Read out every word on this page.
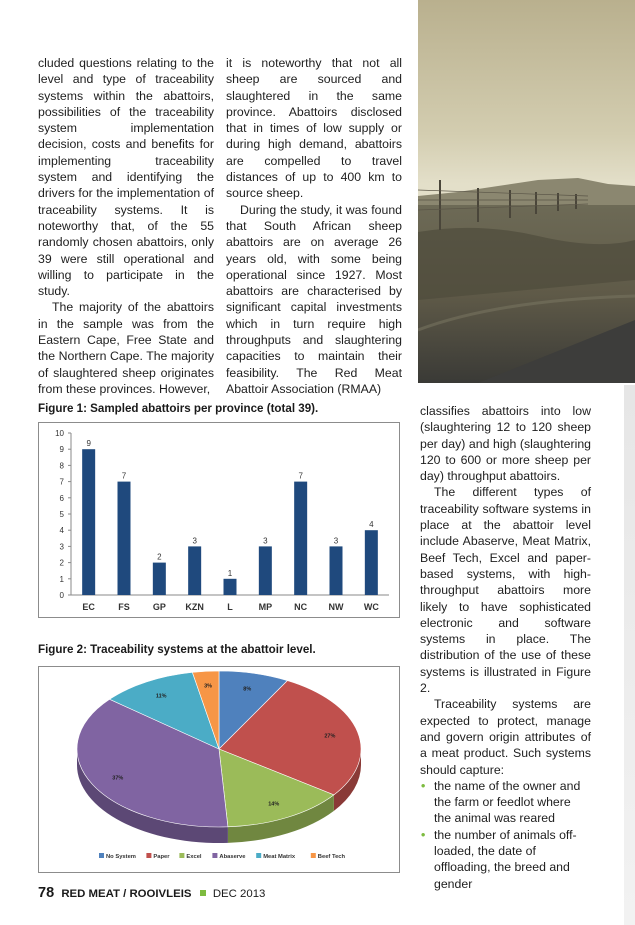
cluded questions relating to the level and type of traceability systems within the abattoirs, possibilities of the traceability system implementation decision, costs and benefits for implementing traceability system and identifying the drivers for the implementation of traceability systems. It is noteworthy that, of the 55 randomly chosen abattoirs, only 39 were still operational and willing to participate in the study.

The majority of the abattoirs in the sample was from the Eastern Cape, Free State and the Northern Cape. The majority of slaughtered sheep originates from these provinces. However,

it is noteworthy that not all sheep are sourced and slaughtered in the same province. Abattoirs disclosed that in times of low supply or during high demand, abattoirs are compelled to travel distances of up to 400 km to source sheep.

During the study, it was found that South African sheep abattoirs are on average 26 years old, with some being operational since 1927. Most abattoirs are characterised by significant capital investments which in turn require high throughputs and slaughtering capacities to maintain their feasibility. The Red Meat Abattoir Association (RMAA)

Figure 1: Sampled abattoirs per province (total 39).
0
1
2
3
4
5
6
7
8
9
10
9
EC
7
FS
2
GP
3
KZN
1
L
3
MP
7
NC
3
NW
4
WC
Figure 2: Traceability systems at the abattoir level.
8%
27%
14%
37%
11%
3%
No System	Paper	Excel	Abaserve	Meat Matrix	Beef Tech

classifies abattoirs into low (slaughtering 12 to 120 sheep per day) and high (slaughtering 120 to 600 or more sheep per day) throughput abattoirs.

The different types of traceability software systems in place at the abattoir level include Abaserve, Meat Matrix, Beef Tech, Excel and paper-based systems, with high-throughput abattoirs more likely to have sophisticated electronic and software systems in place. The distribution of the use of these systems is illustrated in Figure 2.

Traceability systems are expected to protect, manage and govern origin attributes of a meat product. Such systems should capture:

• the name of the owner and the farm or feedlot where the animal was reared
• the number of animals off-loaded, the date of offloading, the breed and gender
78 RED MEAT / ROOIVLEIS DEC 2013
